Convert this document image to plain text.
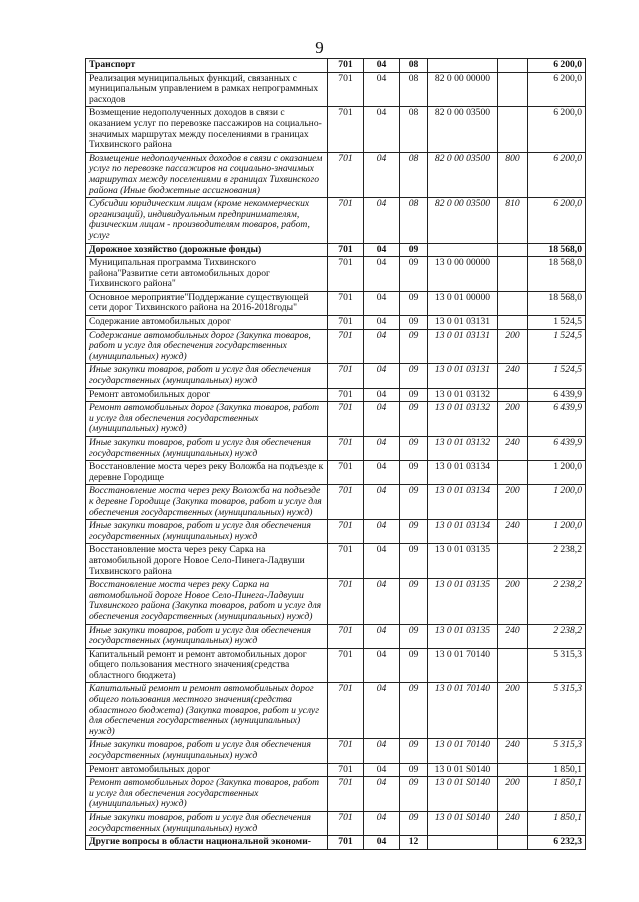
9
Транспорт	701	04	08			6 200,0
Реализация муниципальных функций, связанных с муниципальным управлением в рамках непрограммных расходов	701	04	08	82 0 00 00000		6 200,0
Возмещение недополученных доходов в связи с оказанием услуг по перевозке пассажиров на социально-значимых маршрутах между поселениями в границах Тихвинского района	701	04	08	82 0 00 03500		6 200,0
Возмещение недополученных доходов в связи с оказанием услуг по перевозке пассажиров на социально-значимых маршрутах между поселениями в границах Тихвинского района (Иные бюджетные ассигнования)	701	04	08	82 0 00 03500	800	6 200,0
Субсидии юридическим лицам (кроме некоммерческих организаций), индивидуальным предпринимателям, физическим лицам - производителям товаров, работ, услуг	701	04	08	82 0 00 03500	810	6 200,0
Дорожное хозяйство (дорожные фонды)	701	04	09			18 568,0
Муниципальная программа Тихвинского района"Развитие сети автомобильных дорог Тихвинского района"	701	04	09	13 0 00 00000		18 568,0
Основное мероприятие"Поддержание существующей сети дорог Тихвинского района на 2016-2018годы"	701	04	09	13 0 01 00000		18 568,0
Содержание автомобильных дорог	701	04	09	13 0 01 03131		1 524,5
Содержание автомобильных дорог (Закупка товаров, работ и услуг для обеспечения государственных (муниципальных) нужд)	701	04	09	13 0 01 03131	200	1 524,5
Иные закупки товаров, работ и услуг для обеспечения государственных (муниципальных) нужд	701	04	09	13 0 01 03131	240	1 524,5
Ремонт автомобильных дорог	701	04	09	13 0 01 03132		6 439,9
Ремонт автомобильных дорог (Закупка товаров, работ и услуг для обеспечения государственных (муниципальных) нужд)	701	04	09	13 0 01 03132	200	6 439,9
Иные закупки товаров, работ и услуг для обеспечения государственных (муниципальных) нужд	701	04	09	13 0 01 03132	240	6 439,9
Восстановление моста через реку Воложба на подъезде к деревне Городище	701	04	09	13 0 01 03134		1 200,0
Восстановление моста через реку Воложба на подъезде к деревне Городище (Закупка товаров, работ и услуг для обеспечения государственных (муниципальных) нужд)	701	04	09	13 0 01 03134	200	1 200,0
Иные закупки товаров, работ и услуг для обеспечения государственных (муниципальных) нужд	701	04	09	13 0 01 03134	240	1 200,0
Восстановление моста через реку Сарка на автомобильной дороге Новое Село-Пинега-Ладвуши Тихвинского района	701	04	09	13 0 01 03135		2 238,2
Восстановление моста через реку Сарка на автомобильной дороге Новое Село-Пинега-Ладвуши Тихвинского района (Закупка товаров, работ и услуг для обеспечения государственных (муниципальных) нужд)	701	04	09	13 0 01 03135	200	2 238,2
Иные закупки товаров, работ и услуг для обеспечения государственных (муниципальных) нужд	701	04	09	13 0 01 03135	240	2 238,2
Капитальный ремонт и ремонт автомобильных дорог общего пользования местного значения(средства областного бюджета)	701	04	09	13 0 01 70140		5 315,3
Капитальный ремонт и ремонт автомобильных дорог общего пользования местного значения(средства областного бюджета) (Закупка товаров, работ и услуг для обеспечения государственных (муниципальных) нужд)	701	04	09	13 0 01 70140	200	5 315,3
Иные закупки товаров, работ и услуг для обеспечения государственных (муниципальных) нужд	701	04	09	13 0 01 70140	240	5 315,3
Ремонт автомобильных дорог	701	04	09	13 0 01 S0140		1 850,1
Ремонт автомобильных дорог (Закупка товаров, работ и услуг для обеспечения государственных (муниципальных) нужд)	701	04	09	13 0 01 S0140	200	1 850,1
Иные закупки товаров, работ и услуг для обеспечения государственных (муниципальных) нужд	701	04	09	13 0 01 S0140	240	1 850,1
Другие вопросы в области национальной экономи-	701	04	12			6 232,3
